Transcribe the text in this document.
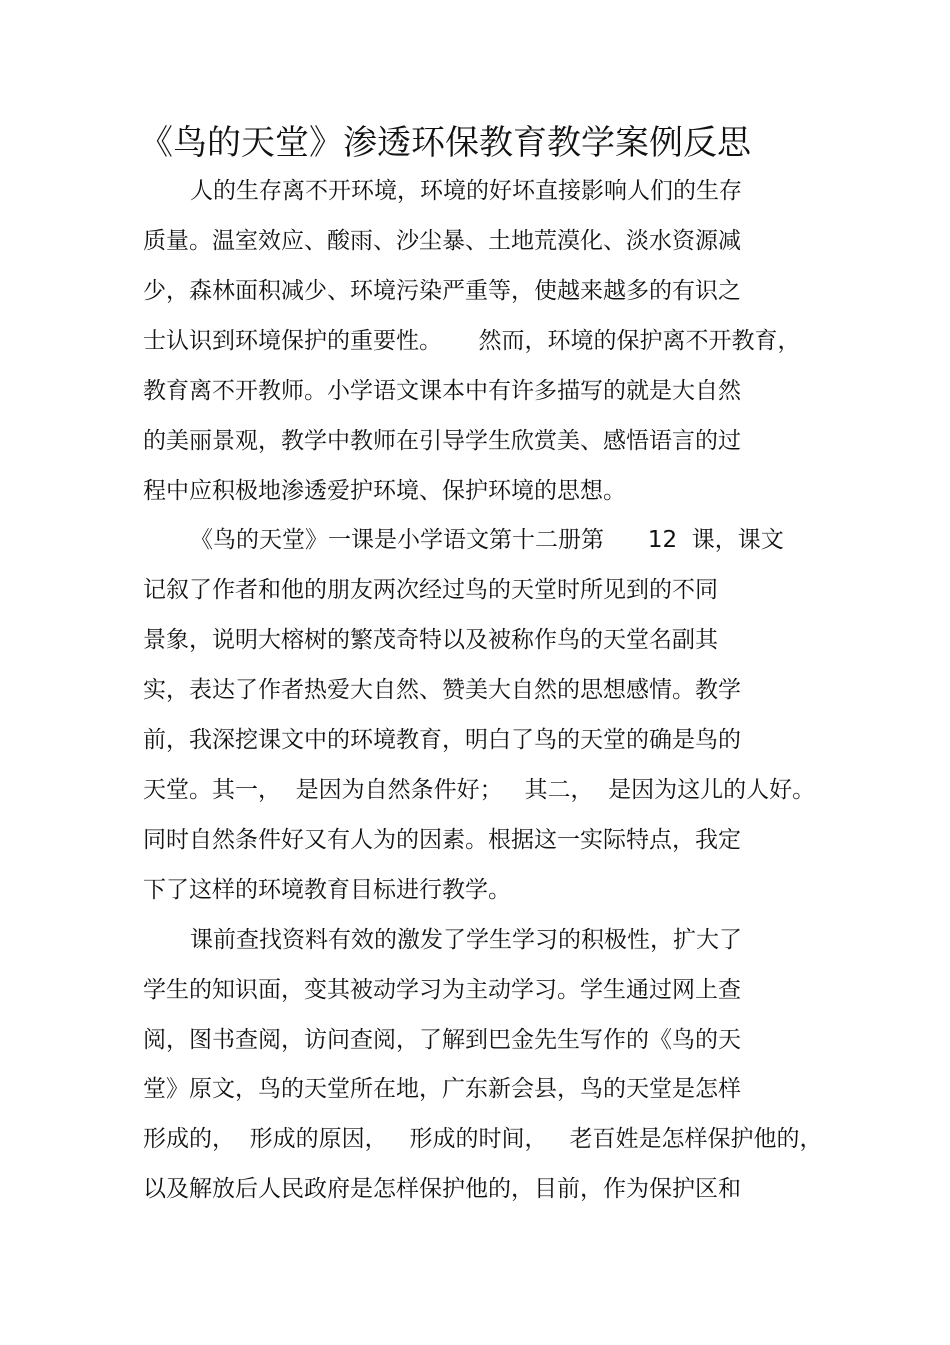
《鸟的天堂》渗透环保教育教学案例反思
人的生存离不开环境，环境的好坏直接影响人们的生存
质量。温室效应、酸雨、沙尘暴、土地荒漠化、淡水资源减
少，森林面积减少、环境污染严重等，使越来越多的有识之
士认识到环境保护的重要性。     然而，环境的保护离不开教育，
教育离不开教师。小学语文课本中有许多描写的就是大自然
的美丽景观，教学中教师在引导学生欣赏美、感悟语言的过
程中应积极地渗透爱护环境、保护环境的思想。
《鸟的天堂》一课是小学语文第十二册第      12  课，课文
记叙了作者和他的朋友两次经过鸟的天堂时所见到的不同
景象，说明大榕树的繁茂奇特以及被称作鸟的天堂名副其
实，表达了作者热爱大自然、赞美大自然的思想感情。教学
前，我深挖课文中的环境教育，明白了鸟的天堂的确是鸟的
天堂。其一，  是因为自然条件好；   其二，  是因为这儿的人好。
同时自然条件好又有人为的因素。根据这一实际特点，我定
下了这样的环境教育目标进行教学。
课前查找资料有效的激发了学生学习的积极性，扩大了
学生的知识面，变其被动学习为主动学习。学生通过网上查
阅，图书查阅，访问查阅，了解到巴金先生写作的《鸟的天
堂》原文，鸟的天堂所在地，广东新会县，鸟的天堂是怎样
形成的，  形成的原因，   形成的时间，   老百姓是怎样保护他的，
以及解放后人民政府是怎样保护他的，目前，作为保护区和
